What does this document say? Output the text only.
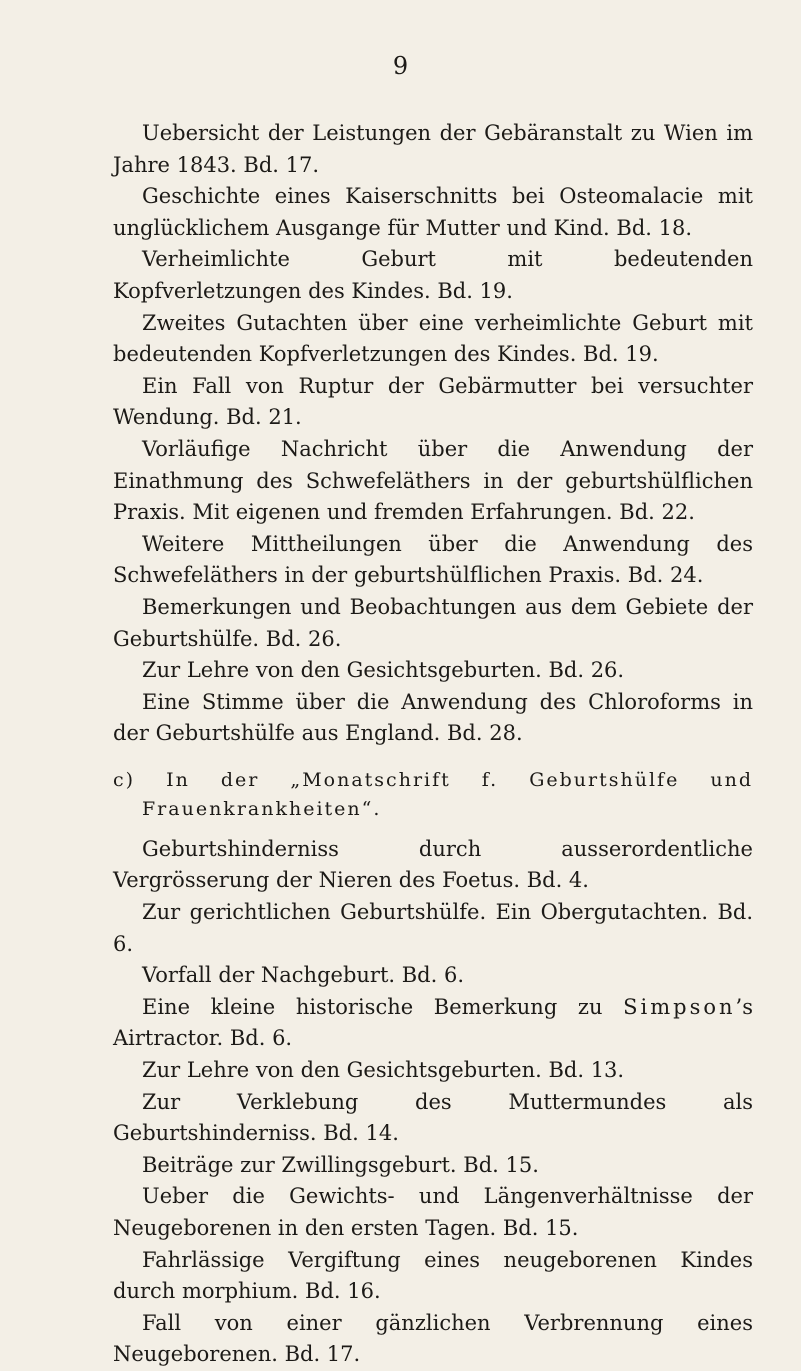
9

Uebersicht der Leistungen der Gebäranstalt zu Wien im Jahre 1843. Bd. 17.

Geschichte eines Kaiserschnitts bei Osteomalacie mit unglücklichem Ausgange für Mutter und Kind. Bd. 18.

Verheimlichte Geburt mit bedeutenden Kopfverletzungen des Kindes. Bd. 19.

Zweites Gutachten über eine verheimlichte Geburt mit bedeutenden Kopfverletzungen des Kindes. Bd. 19.

Ein Fall von Ruptur der Gebärmutter bei versuchter Wendung. Bd. 21.

Vorläufige Nachricht über die Anwendung der Einathmung des Schwefeläthers in der geburtshülflichen Praxis. Mit eigenen und fremden Erfahrungen. Bd. 22.

Weitere Mittheilungen über die Anwendung des Schwefeläthers in der geburtshülflichen Praxis. Bd. 24.

Bemerkungen und Beobachtungen aus dem Gebiete der Geburtshülfe. Bd. 26.

Zur Lehre von den Gesichtsgeburten. Bd. 26.

Eine Stimme über die Anwendung des Chloroforms in der Geburtshülfe aus England. Bd. 28.

c) In der „Monatschrift f. Geburtshülfe und Frauenkrankheiten“.

Geburtshinderniss durch ausserordentliche Vergrösserung der Nieren des Foetus. Bd. 4.

Zur gerichtlichen Geburtshülfe. Ein Obergutachten. Bd. 6.

Vorfall der Nachgeburt. Bd. 6.

Eine kleine historische Bemerkung zu Simpson’s Airtractor. Bd. 6.

Zur Lehre von den Gesichtsgeburten. Bd. 13.

Zur Verklebung des Muttermundes als Geburtshinderniss. Bd. 14.

Beiträge zur Zwillingsgeburt. Bd. 15.

Ueber die Gewichts- und Längenverhältnisse der Neugeborenen in den ersten Tagen. Bd. 15.

Fahrlässige Vergiftung eines neugeborenen Kindes durch morphium. Bd. 16.

Fall von einer gänzlichen Verbrennung eines Neugeborenen. Bd. 17.
